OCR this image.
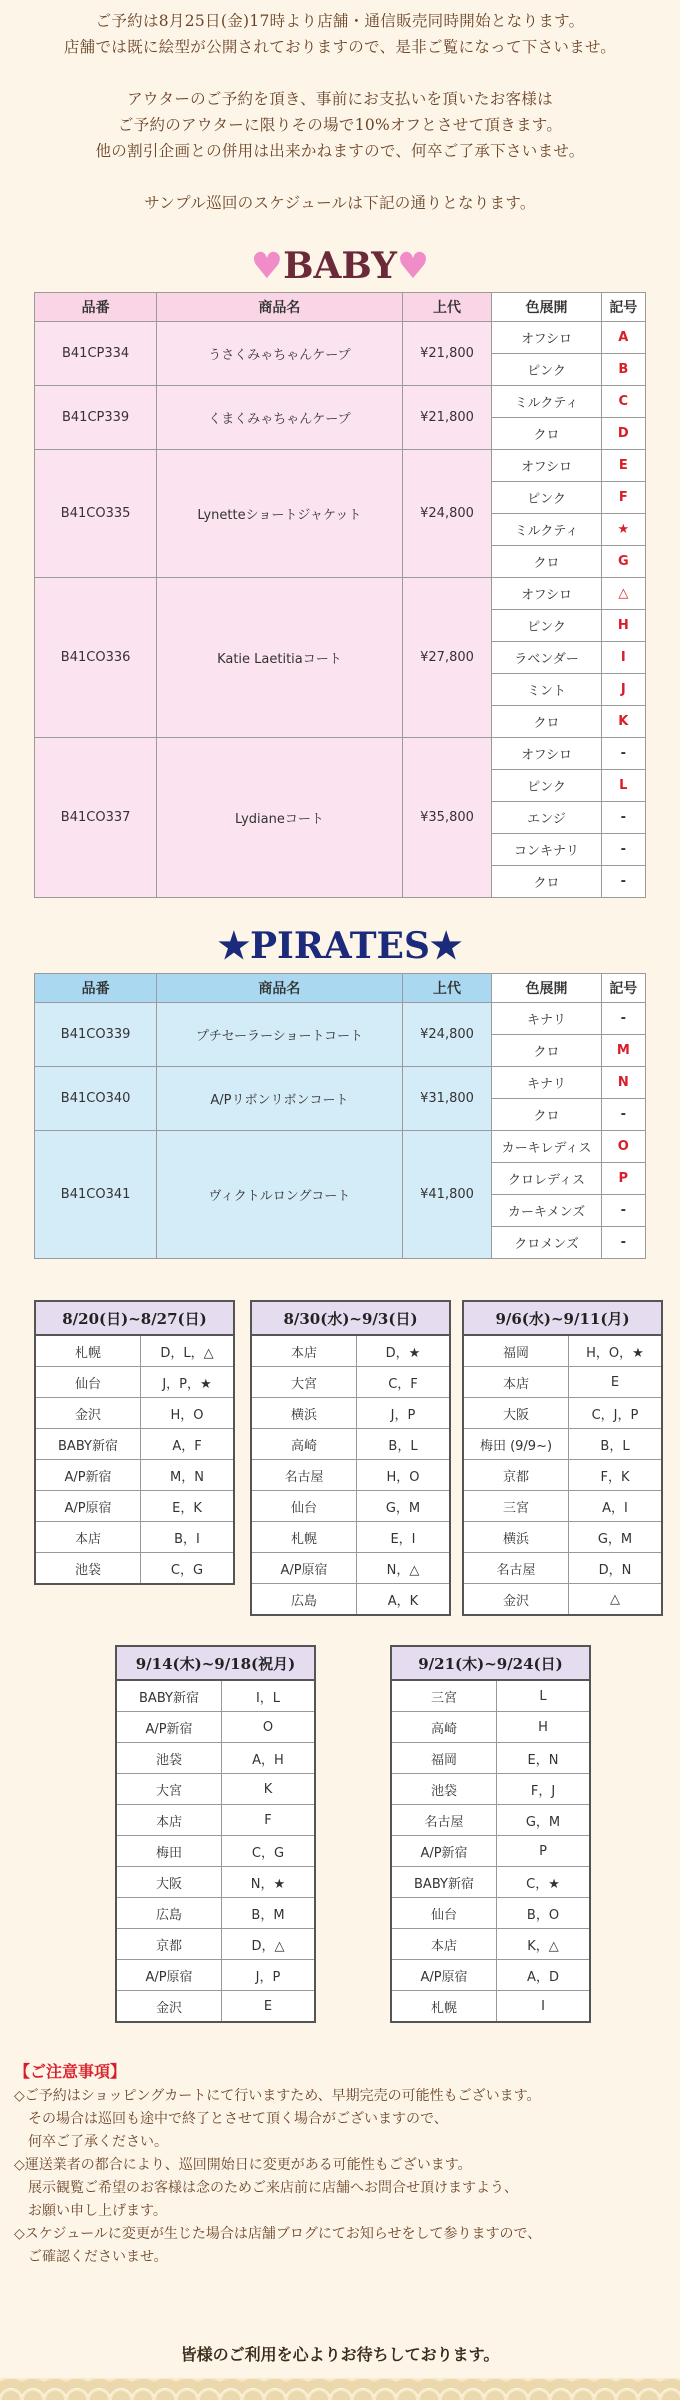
ご予約は8月25日(金)17時より店舗・通信販売同時開始となります。

店舗では既に絵型が公開されておりますので、是非ご覧になって下さいませ。

アウターのご予約を頂き、事前にお支払いを頂いたお客様は

ご予約のアウターに限りその場で10%オフとさせて頂きます。

他の割引企画との併用は出来かねますので、何卒ご了承下さいませ。

サンプル巡回のスケジュールは下記の通りとなります。

♥BABY♥
品番	商品名	上代	色展開	記号
B41CP334	うさくみゃちゃんケープ	¥21,800	オフシロ	A
			ピンク	B
B41CP339	くまくみゃちゃんケープ	¥21,800	ミルクティ	C
			クロ	D
B41CO335	Lynetteショートジャケット	¥24,800	オフシロ	E
			ピンク	F
			ミルクティ	★
			クロ	G
B41CO336	Katie Laetitiaコート	¥27,800	オフシロ	△
			ピンク	H
			ラベンダー	I
			ミント	J
			クロ	K
B41CO337	Lydianeコート	¥35,800	オフシロ	-
			ピンク	L
			エンジ	-
			コンキナリ	-
			クロ	-
★PIRATES★
品番	商品名	上代	色展開	記号
B41CO339	プチセーラーショートコート	¥24,800	キナリ	-
			クロ	M
B41CO340	A/Pリボンリボンコート	¥31,800	キナリ	N
			クロ	-
B41CO341	ヴィクトルロングコート	¥41,800	カーキレディス	O
			クロレディス	P
			カーキメンズ	-
			クロメンズ	-
8/20(日)~8/27(日)	
札幌	D，L，△
仙台	J，P，★
金沢	H，O
BABY新宿	A，F
A/P新宿	M，N
A/P原宿	E，K
本店	B，I
池袋	C，G
8/30(水)~9/3(日)	
本店	D，★
大宮	C，F
横浜	J，P
高崎	B，L
名古屋	H，O
仙台	G，M
札幌	E，I
A/P原宿	N，△
広島	A，K
9/6(水)~9/11(月)	
福岡	H，O，★
本店	E
大阪	C，J，P
梅田 (9/9~)	B，L
京都	F，K
三宮	A，I
横浜	G，M
名古屋	D，N
金沢	△
9/14(木)~9/18(祝月)	
BABY新宿	I，L
A/P新宿	O
池袋	A，H
大宮	K
本店	F
梅田	C，G
大阪	N，★
広島	B，M
京都	D，△
A/P原宿	J，P
金沢	E
9/21(木)~9/24(日)	
三宮	L
高崎	H
福岡	E，N
池袋	F，J
名古屋	G，M
A/P新宿	P
BABY新宿	C，★
仙台	B，O
本店	K，△
A/P原宿	A，D
札幌	I
【ご注意事項】

◇ご予約はショッピングカートにて行いますため、早期完売の可能性もございます。

　その場合は巡回も途中で終了とさせて頂く場合がございますので、

　何卒ご了承ください。

◇運送業者の都合により、巡回開始日に変更がある可能性もございます。

　展示観覧ご希望のお客様は念のためご来店前に店舗へお問合せ頂けますよう、

　お願い申し上げます。

◇スケジュールに変更が生じた場合は店舗ブログにてお知らせをして参りますので、

　ご確認くださいませ。

皆様のご利用を心よりお待ちしております。
